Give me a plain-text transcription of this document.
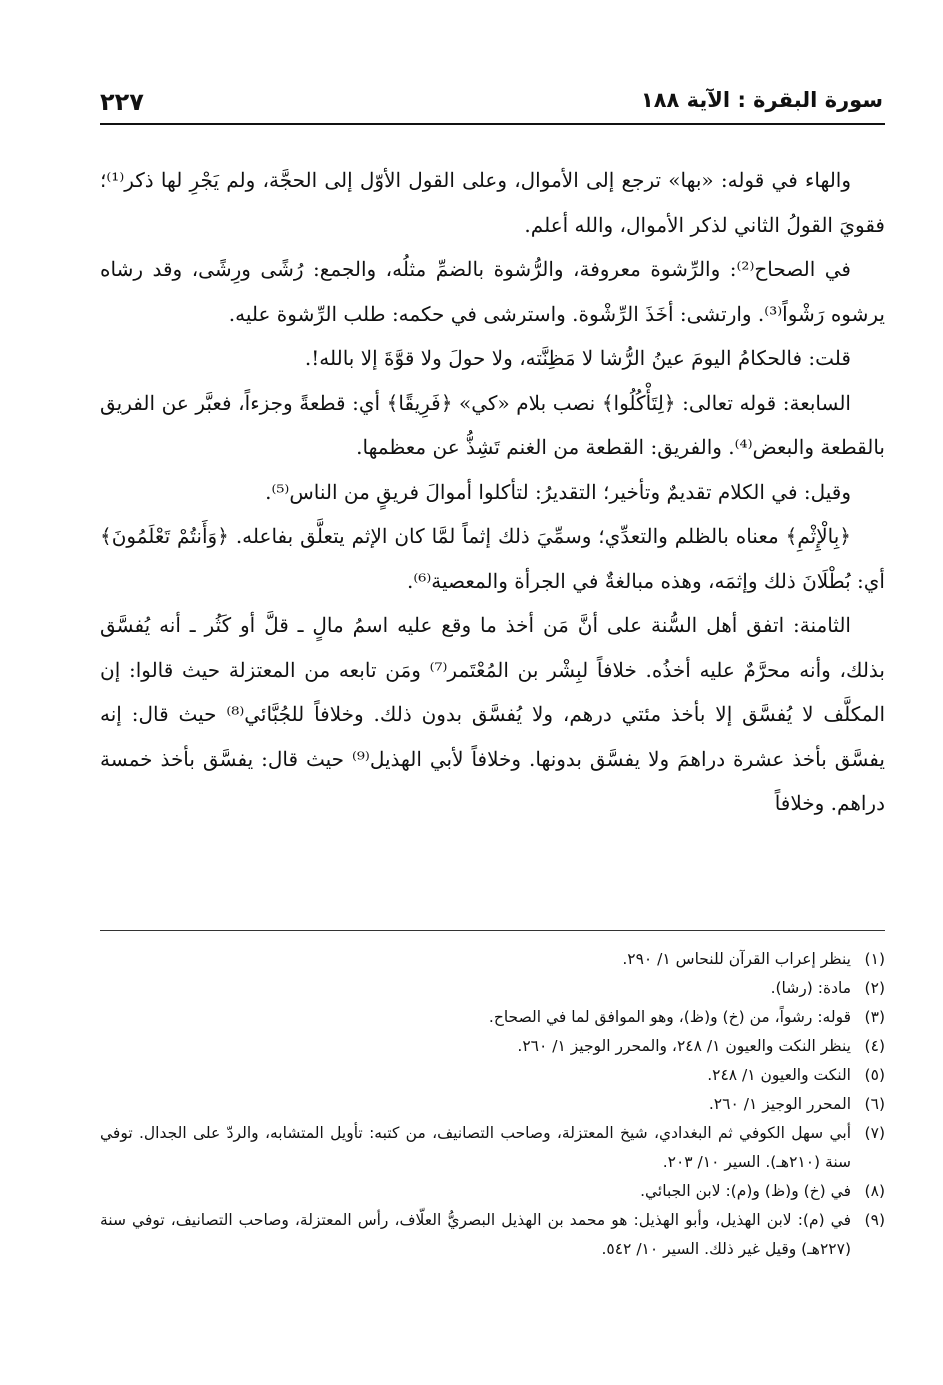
سورة البقرة : الآية ١٨٨
٢٢٧

والهاء في قوله: «بها» ترجع إلى الأموال، وعلى القول الأوّل إلى الحجَّة، ولم يَجْرِ لها ذكر⁽¹⁾؛ فقويَ القولُ الثاني لذكر الأموال، والله أعلم.

في الصحاح⁽²⁾: والرِّشوة معروفة، والرُّشوة بالضمِّ مثلُه، والجمع: رُشًى ورِشًى، وقد رشاه يرشوه رَشْواً⁽³⁾. وارتشى: أخَذَ الرِّشْوة. واسترشى في حكمه: طلب الرِّشوة عليه.

قلت: فالحكامُ اليومَ عينُ الرُّشا لا مَظِنَّته، ولا حولَ ولا قوَّةَ إلا بالله!.

السابعة: قوله تعالى: ﴿لِتَأْكُلُوا﴾ نصب بلام «كي» ﴿فَرِيقًا﴾ أي: قطعةً وجزءاً، فعبَّر عن الفريق بالقطعة والبعض⁽⁴⁾. والفريق: القطعة من الغنم تَشِذُّ عن معظمها.

وقيل: في الكلام تقديمٌ وتأخير؛ التقديرُ: لتأكلوا أموالَ فريقٍ من الناس⁽⁵⁾.

﴿بِالْإِثْمِ﴾ معناه بالظلم والتعدِّي؛ وسمِّيَ ذلك إثماً لمَّا كان الإثم يتعلَّق بفاعله. ﴿وَأَنتُمْ تَعْلَمُونَ﴾ أي: بُطْلَانَ ذلك وإثمَه، وهذه مبالغةٌ في الجرأة والمعصية⁽⁶⁾.

الثامنة: اتفق أهل السُّنة على أنَّ مَن أخذ ما وقع عليه اسمُ مالٍ ـ قلَّ أو كَثُر ـ أنه يُفسَّق بذلك، وأنه محرَّمٌ عليه أخذُه. خلافاً لبِشْر بن المُعْتَمر⁽⁷⁾ ومَن تابعه من المعتزلة حيث قالوا: إن المكلَّف لا يُفسَّق إلا بأخذ مئتي درهم، ولا يُفسَّق بدون ذلك. وخلافاً للجُبَّائي⁽⁸⁾ حيث قال: إنه يفسَّق بأخذ عشرة دراهمَ ولا يفسَّق بدونها. وخلافاً لأبي الهذيل⁽⁹⁾ حيث قال: يفسَّق بأخذ خمسة دراهم. وخلافاً

(١)
ينظر إعراب القرآن للنحاس ١/ ٢٩٠.

(٢)
مادة: (رشا).

(٣)
قوله: رشواً، من (خ) و(ظ)، وهو الموافق لما في الصحاح.

(٤)
ينظر النكت والعيون ١/ ٢٤٨، والمحرر الوجيز ١/ ٢٦٠.

(٥)
النكت والعيون ١/ ٢٤٨.

(٦)
المحرر الوجيز ١/ ٢٦٠.

(٧)
أبي سهل الكوفي ثم البغدادي، شيخ المعتزلة، وصاحب التصانيف، من كتبه: تأويل المتشابه، والردّ على الجدال. توفي سنة (٢١٠هـ). السير ١٠/ ٢٠٣.

(٨)
في (خ) و(ظ) و(م): لابن الجبائي.

(٩)
في (م): لابن الهذيل، وأبو الهذيل: هو محمد بن الهذيل البصريُّ العلّاف، رأس المعتزلة، وصاحب التصانيف، توفي سنة (٢٢٧هـ) وقيل غير ذلك. السير ١٠/ ٥٤٢.
